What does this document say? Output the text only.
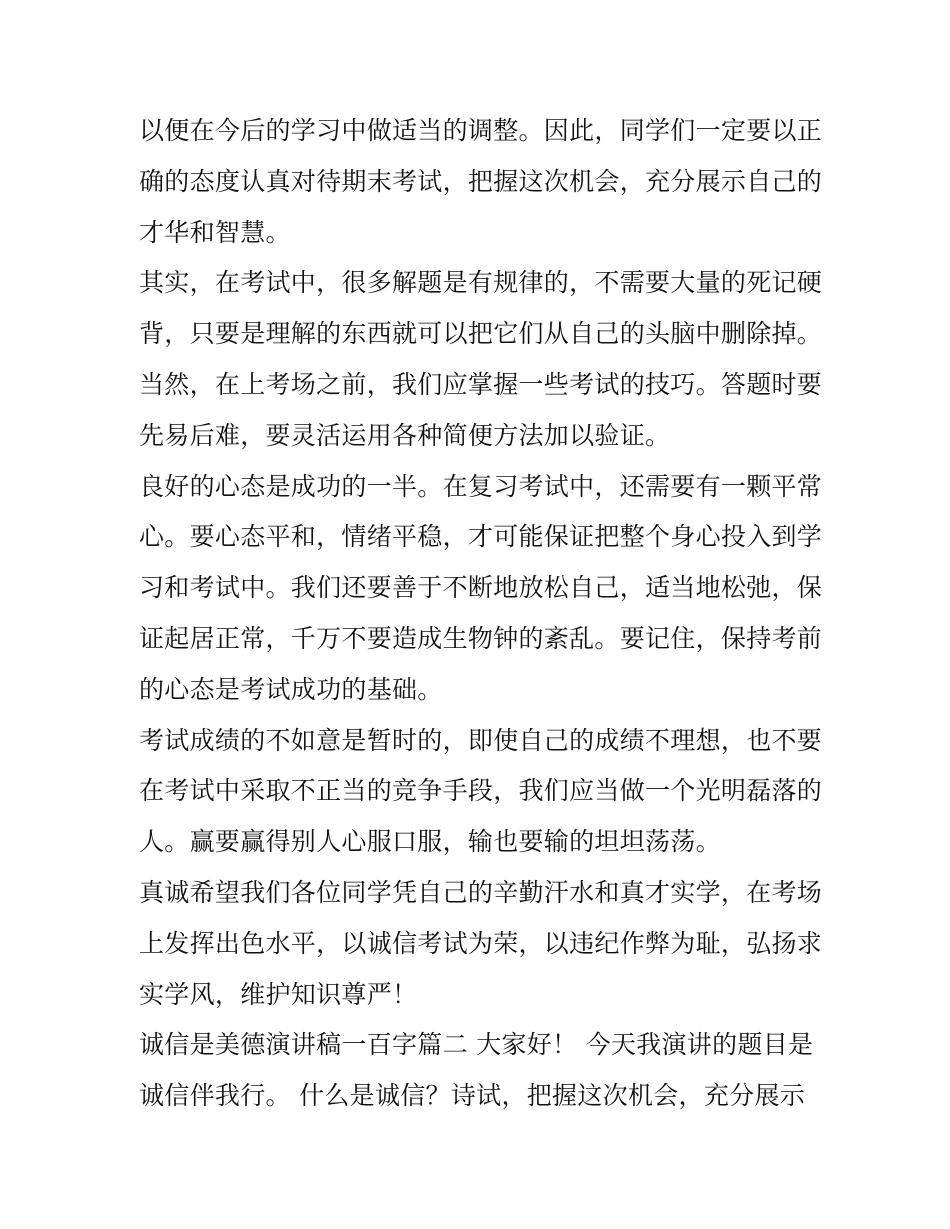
以便在今后的学习中做适当的调整。因此，同学们一定要以正
确的态度认真对待期末考试，把握这次机会，充分展示自己的
才华和智慧。
其实，在考试中，很多解题是有规律的，不需要大量的死记硬
背，只要是理解的东西就可以把它们从自己的头脑中删除掉。
当然，在上考场之前，我们应掌握一些考试的技巧。答题时要
先易后难，要灵活运用各种简便方法加以验证。
良好的心态是成功的一半。在复习考试中，还需要有一颗平常
心。要心态平和，情绪平稳，才可能保证把整个身心投入到学
习和考试中。我们还要善于不断地放松自己，适当地松弛，保
证起居正常，千万不要造成生物钟的紊乱。要记住，保持考前
的心态是考试成功的基础。
考试成绩的不如意是暂时的，即使自己的成绩不理想，也不要
在考试中采取不正当的竞争手段，我们应当做一个光明磊落的
人。赢要赢得别人心服口服，输也要输的坦坦荡荡。
真诚希望我们各位同学凭自己的辛勤汗水和真才实学，在考场
上发挥出色水平，以诚信考试为荣，以违纪作弊为耻，弘扬求
实学风，维护知识尊严！
诚信是美德演讲稿一百字篇二 大家好！ 今天我演讲的题目是
诚信伴我行。 什么是诚信？诗试，把握这次机会，充分展示
